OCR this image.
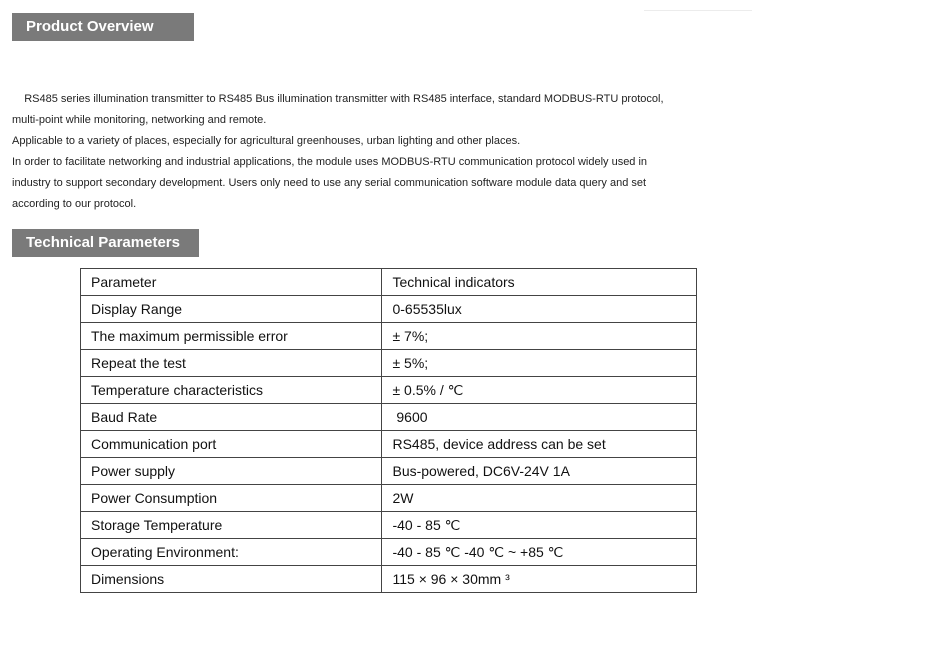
Product Overview

RS485 series illumination transmitter to RS485 Bus illumination transmitter with RS485 interface, standard MODBUS-RTU protocol,

multi-point while monitoring, networking and remote.

Applicable to a variety of places, especially for agricultural greenhouses, urban lighting and other places.

In order to facilitate networking and industrial applications, the module uses MODBUS-RTU communication protocol widely used in

industry to support secondary development. Users only need to use any serial communication software module data query and set

according to our protocol.

Technical Parameters
Parameter	Technical indicators
Display Range	0-65535lux
The maximum permissible error	± 7%;
Repeat the test	± 5%;
Temperature characteristics	± 0.5% / ℃
Baud Rate	9600
Communication port	RS485, device address can be set
Power supply	Bus-powered, DC6V-24V 1A
Power Consumption	2W
Storage Temperature	-40 - 85 ℃
Operating Environment:	-40 - 85 ℃ -40 ℃ ~ +85 ℃
Dimensions	115 × 96 × 30mm ³
